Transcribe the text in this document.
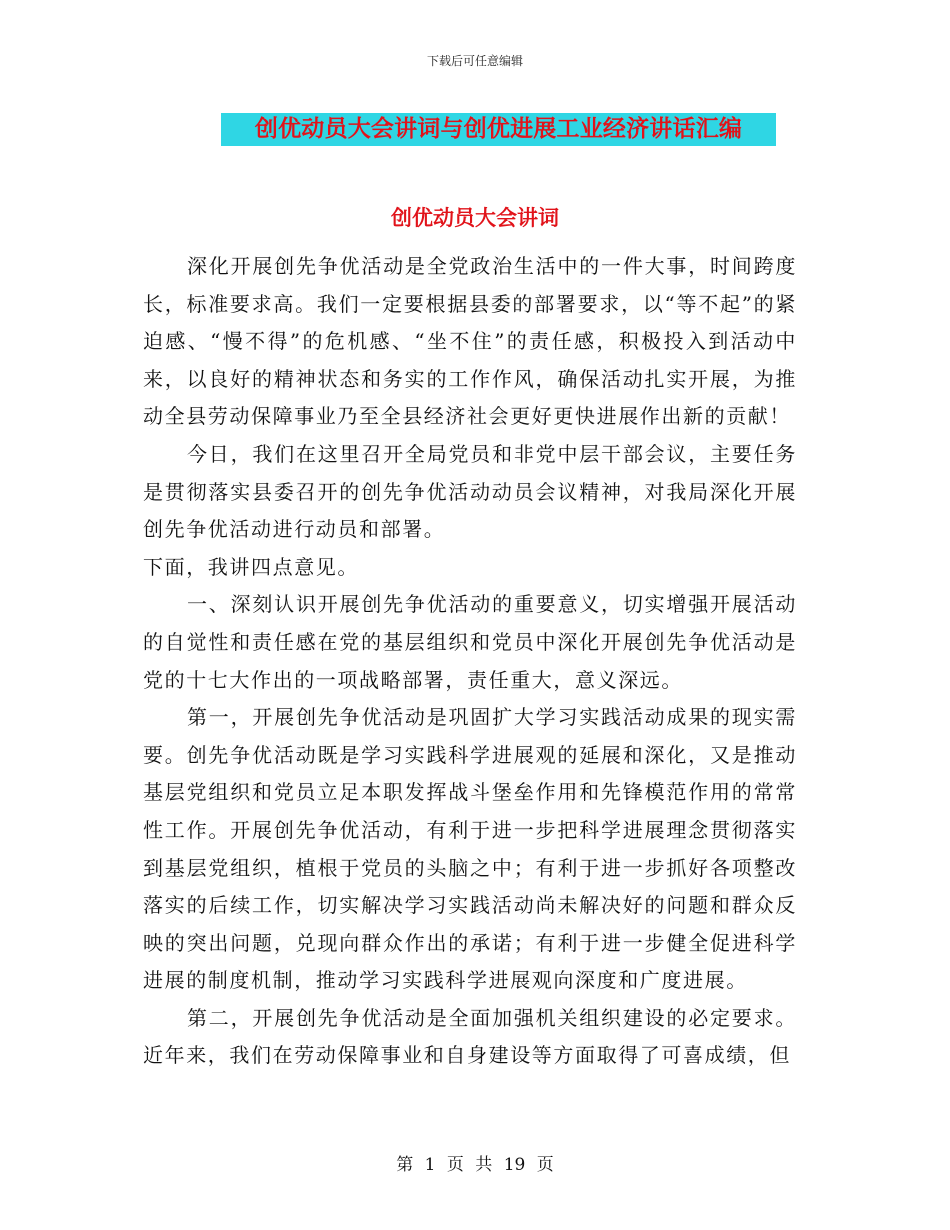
下载后可任意编辑
创优动员大会讲词与创优进展工业经济讲话汇编
创优动员大会讲词

深化开展创先争优活动是全党政治生活中的一件大事，时间跨度长，标准要求高。我们一定要根据县委的部署要求，以“等不起”的紧迫感、“慢不得”的危机感、“坐不住”的责任感，积极投入到活动中来，以良好的精神状态和务实的工作作风，确保活动扎实开展，为推动全县劳动保障事业乃至全县经济社会更好更快进展作出新的贡献！

今日，我们在这里召开全局党员和非党中层干部会议，主要任务是贯彻落实县委召开的创先争优活动动员会议精神，对我局深化开展创先争优活动进行动员和部署。

下面，我讲四点意见。

一、深刻认识开展创先争优活动的重要意义，切实增强开展活动的自觉性和责任感在党的基层组织和党员中深化开展创先争优活动是党的十七大作出的一项战略部署，责任重大，意义深远。

第一，开展创先争优活动是巩固扩大学习实践活动成果的现实需要。创先争优活动既是学习实践科学进展观的延展和深化，又是推动基层党组织和党员立足本职发挥战斗堡垒作用和先锋模范作用的常常性工作。开展创先争优活动，有利于进一步把科学进展理念贯彻落实到基层党组织，植根于党员的头脑之中；有利于进一步抓好各项整改落实的后续工作，切实解决学习实践活动尚未解决好的问题和群众反映的突出问题，兑现向群众作出的承诺；有利于进一步健全促进科学进展的制度机制，推动学习实践科学进展观向深度和广度进展。

第二，开展创先争优活动是全面加强机关组织建设的必定要求。近年来，我们在劳动保障事业和自身建设等方面取得了可喜成绩，但

第 1 页 共 19 页
